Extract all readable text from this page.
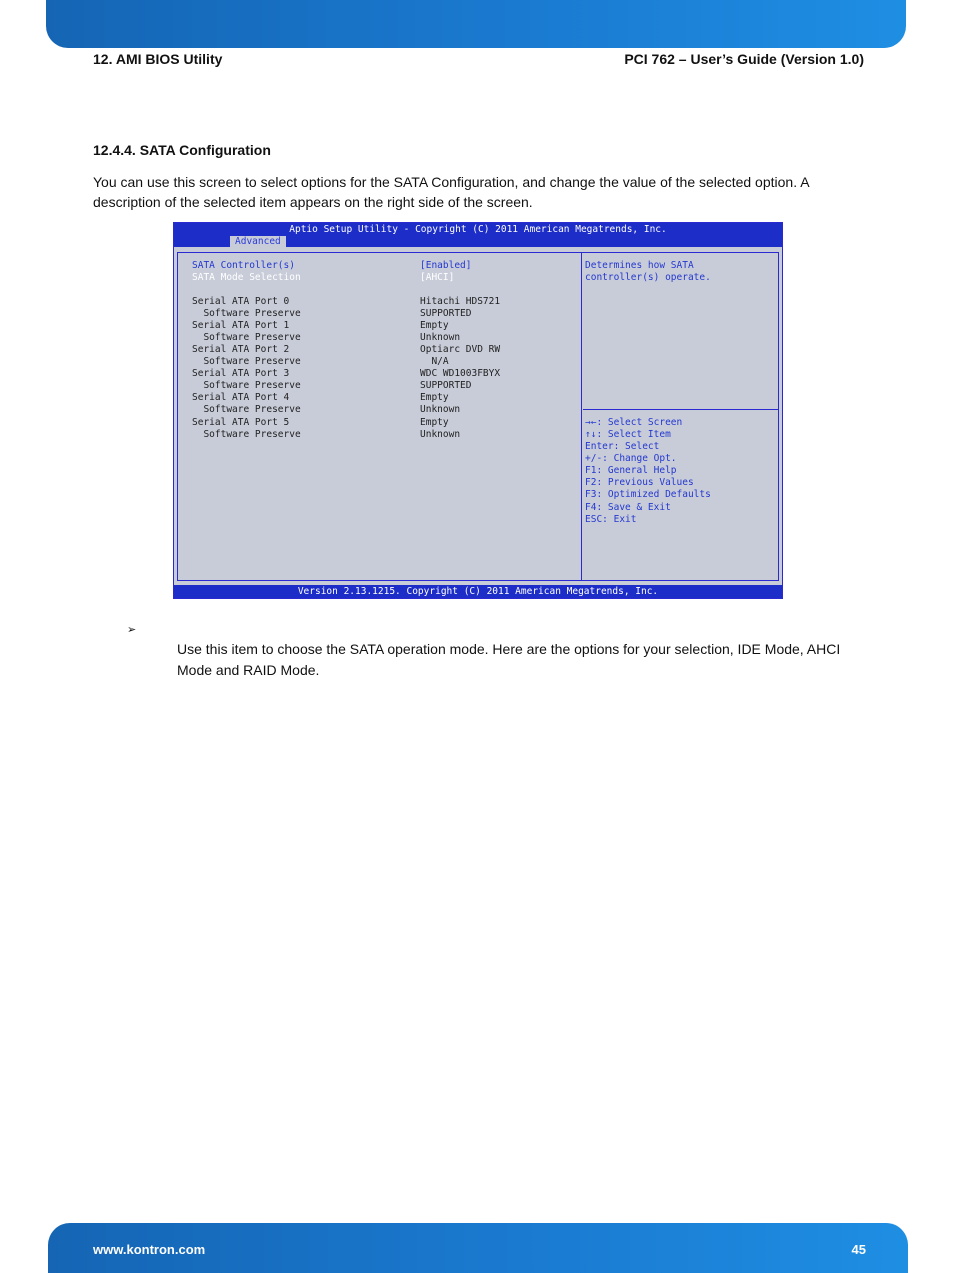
12. AMI BIOS Utility	PCI 762 – User’s Guide (Version 1.0)
12.4.4. SATA Configuration

You can use this screen to select options for the SATA Configuration, and change the value of the selected option. A description of the selected item appears on the right side of the screen.

Aptio Setup Utility - Copyright (C) 2011 American Megatrends, Inc.
Advanced
SATA Controller(s)	[Enabled]
SATA Mode Selection	[AHCI]
Serial ATA Port 0	Hitachi HDS721
Software Preserve	SUPPORTED
Serial ATA Port 1	Empty
Software Preserve	Unknown
Serial ATA Port 2	Optiarc DVD RW
Software Preserve	N/A
Serial ATA Port 3	WDC WD1003FBYX
Software Preserve	SUPPORTED
Serial ATA Port 4	Empty
Software Preserve	Unknown
Serial ATA Port 5	Empty
Software Preserve	Unknown
Determines how SATA
controller(s) operate.
→←: Select Screen
↑↓: Select Item
Enter: Select
+/-: Change Opt.
F1: General Help
F2: Previous Values
F3: Optimized Defaults
F4: Save & Exit
ESC: Exit
Version 2.13.1215. Copyright (C) 2011 American Megatrends, Inc.
➢

Use this item to choose the SATA operation mode. Here are the options for your selection, IDE Mode, AHCI Mode and RAID Mode.

www.kontron.com	45
